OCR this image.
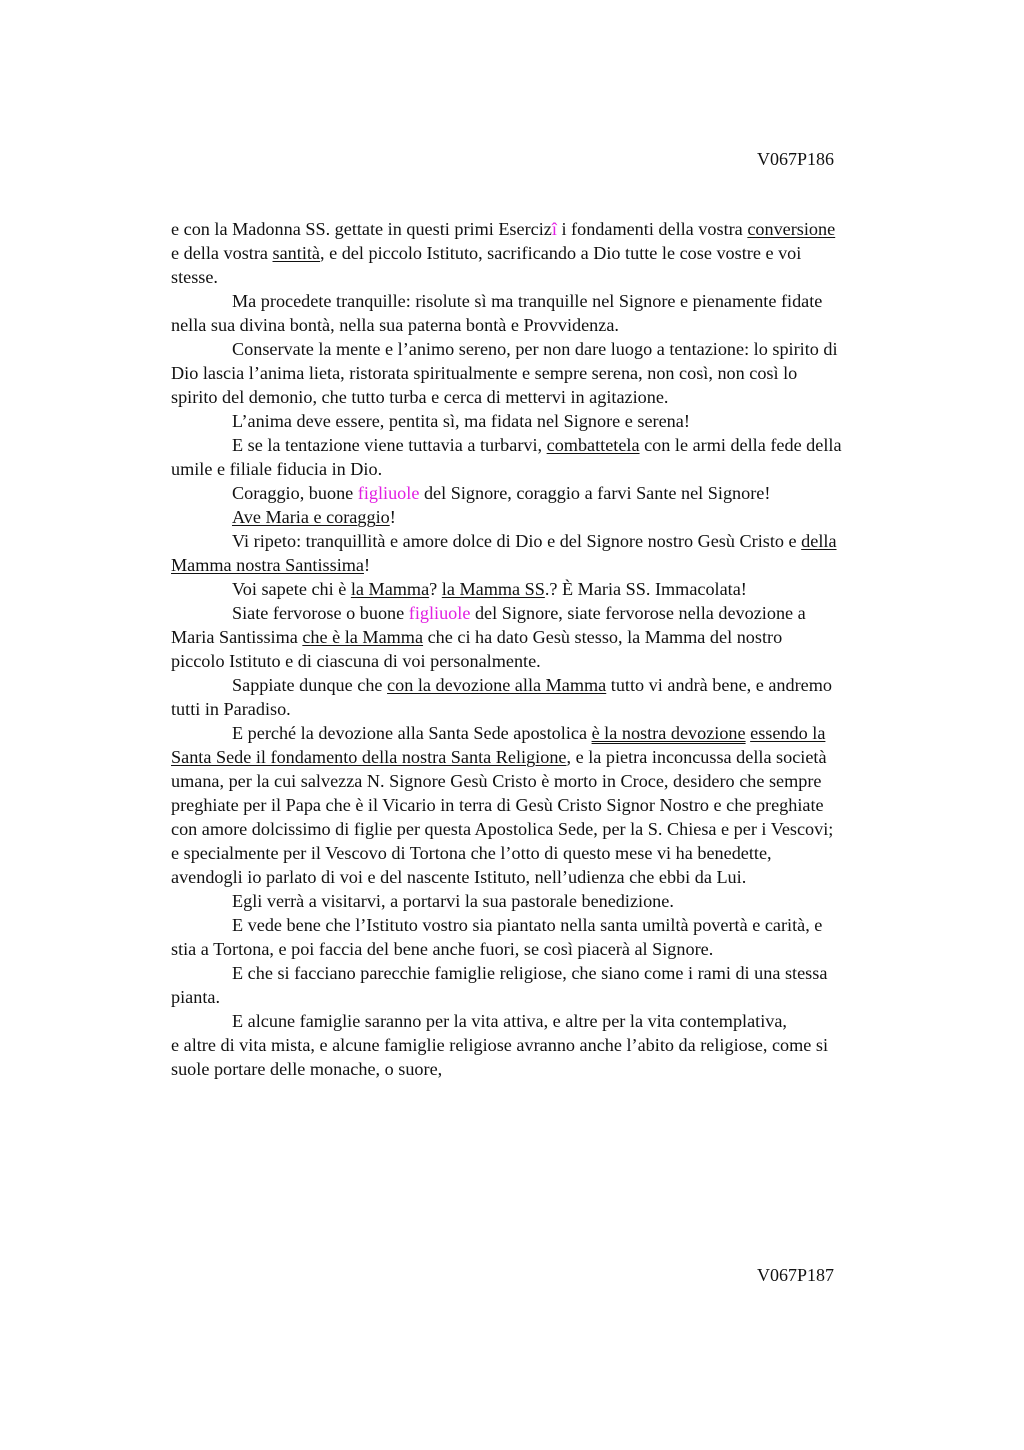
V067P186

e con la Madonna SS. gettate in questi primi Esercizî i fondamenti della vostra conversione

e della vostra santità, e del piccolo Istituto, sacrificando a Dio tutte le cose vostre e voi

stesse.

Ma procedete tranquille: risolute sì ma tranquille nel Signore e pienamente fidate

nella sua divina bontà, nella sua paterna bontà e Provvidenza.

Conservate la mente e l’animo sereno, per non dare luogo a tentazione: lo spirito di

Dio lascia l’anima lieta, ristorata spiritualmente e sempre serena, non così, non così lo

spirito del demonio, che tutto turba e cerca di mettervi in agitazione.

L’anima deve essere, pentita sì, ma fidata nel Signore e serena!

E se la tentazione viene tuttavia a turbarvi, combattetela con le armi della fede della

umile e filiale fiducia in Dio.

Coraggio, buone figliuole del Signore, coraggio a farvi Sante nel Signore!

Ave Maria e coraggio!

Vi ripeto: tranquillità e amore dolce di Dio e del Signore nostro Gesù Cristo e della

Mamma nostra Santissima!

Voi sapete chi è la Mamma? la Mamma SS.? È Maria SS. Immacolata!

Siate fervorose o buone figliuole del Signore, siate fervorose nella devozione a

Maria Santissima che è la Mamma che ci ha dato Gesù stesso, la Mamma del nostro

piccolo Istituto e di ciascuna di voi personalmente.

Sappiate dunque che con la devozione alla Mamma tutto vi andrà bene, e andremo

tutti in Paradiso.

E perché la devozione alla Santa Sede apostolica è la nostra devozione essendo la

Santa Sede il fondamento della nostra Santa Religione, e la pietra inconcussa della società

umana, per la cui salvezza N. Signore Gesù Cristo è morto in Croce, desidero che sempre

preghiate per il Papa che è il Vicario in terra di Gesù Cristo Signor Nostro e che preghiate

con amore dolcissimo di figlie per questa Apostolica Sede, per la S. Chiesa e per i Vescovi;

e specialmente per il Vescovo di Tortona che l’otto di questo mese vi ha benedette,

avendogli io parlato di voi e del nascente Istituto, nell’udienza che ebbi da Lui.

Egli verrà a visitarvi, a portarvi la sua pastorale benedizione.

E vede bene che l’Istituto vostro sia piantato nella santa umiltà povertà e carità, e

stia a Tortona, e poi faccia del bene anche fuori, se così piacerà al Signore.

E che si facciano parecchie famiglie religiose, che siano come i rami di una stessa

pianta.

E alcune famiglie saranno per la vita attiva, e altre per la vita contemplativa,

e altre di vita mista, e alcune famiglie religiose avranno anche l’abito da religiose, come si

suole portare delle monache, o suore,

V067P187
